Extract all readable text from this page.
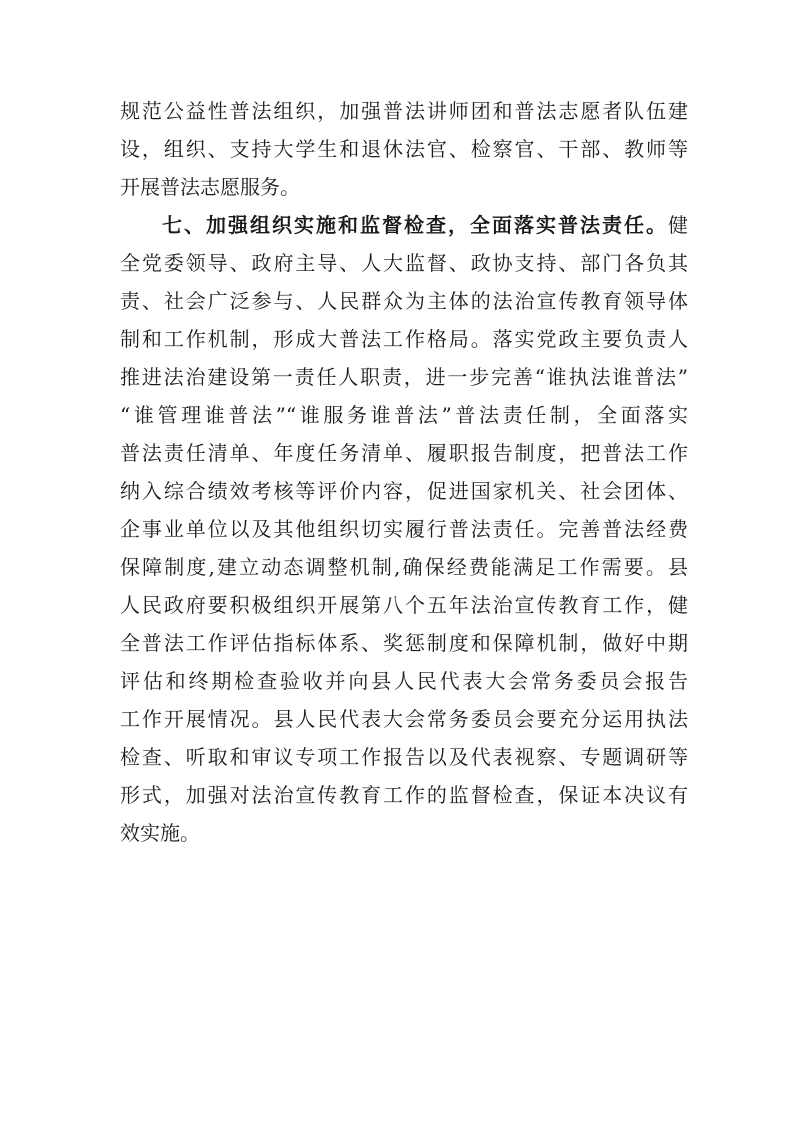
规范公益性普法组织，加强普法讲师团和普法志愿者队伍建
设，组织、支持大学生和退休法官、检察官、干部、教师等
开展普法志愿服务。
七、加强组织实施和监督检查，全面落实普法责任。健
全党委领导、政府主导、人大监督、政协支持、部门各负其
责、社会广泛参与、人民群众为主体的法治宣传教育领导体
制和工作机制，形成大普法工作格局。落实党政主要负责人
推进法治建设第一责任人职责，进一步完善“谁执法谁普法”
“谁管理谁普法”“谁服务谁普法”普法责任制，全面落实
普法责任清单、年度任务清单、履职报告制度，把普法工作
纳入综合绩效考核等评价内容，促进国家机关、社会团体、
企事业单位以及其他组织切实履行普法责任。完善普法经费
保障制度,建立动态调整机制,确保经费能满足工作需要。县
人民政府要积极组织开展第八个五年法治宣传教育工作，健
全普法工作评估指标体系、奖惩制度和保障机制，做好中期
评估和终期检查验收并向县人民代表大会常务委员会报告
工作开展情况。县人民代表大会常务委员会要充分运用执法
检查、听取和审议专项工作报告以及代表视察、专题调研等
形式，加强对法治宣传教育工作的监督检查，保证本决议有
效实施。
